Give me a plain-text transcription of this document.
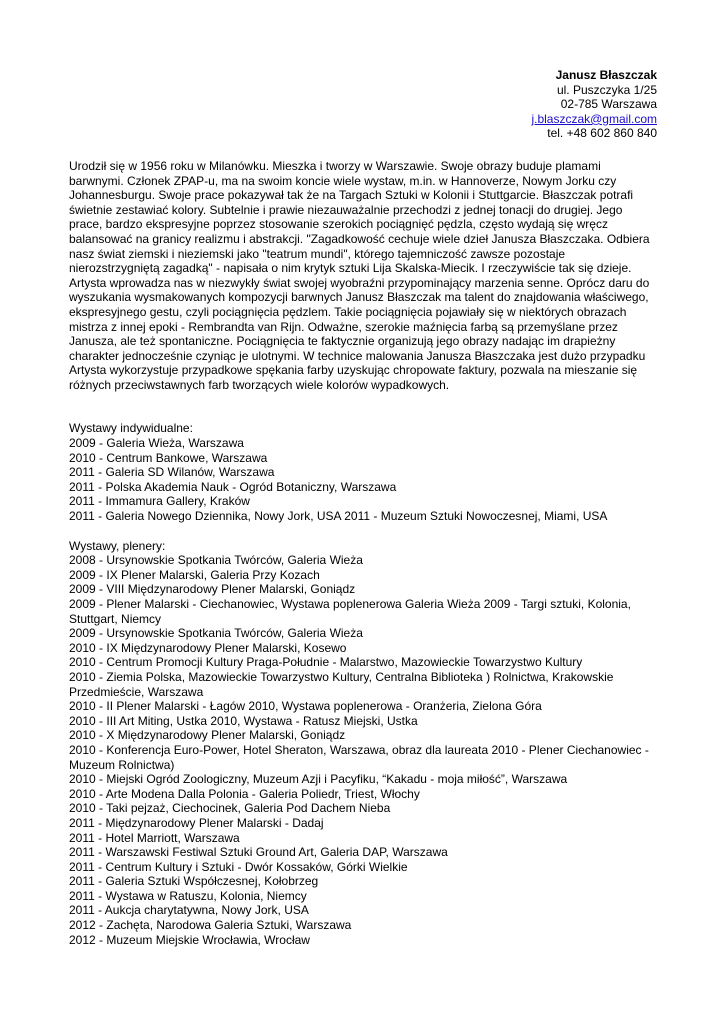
Janusz Błaszczak
ul. Puszczyka 1/25
02-785 Warszawa
j.blaszczak@gmail.com
tel. +48 602 860 840

Urodził się w 1956 roku w Milanówku. Mieszka i tworzy w Warszawie. Swoje obrazy buduje plamami barwnymi. Członek ZPAP-u, ma na swoim koncie wiele wystaw, m.in. w Hannoverze, Nowym Jorku czy Johannesburgu. Swoje prace pokazywał tak że na Targach Sztuki w Kolonii i Stuttgarcie. Błaszczak potrafi świetnie zestawiać kolory. Subtelnie i prawie niezauważalnie przechodzi z jednej tonacji do drugiej. Jego prace, bardzo ekspresyjne poprzez stosowanie szerokich pociągnięć pędzla, często wydają się wręcz balansować na granicy realizmu i abstrakcji. "Zagadkowość cechuje wiele dzieł Janusza Błaszczaka. Odbiera nasz świat ziemski i nieziemski jako "teatrum mundi", którego tajemniczość zawsze pozostaje nierozstrzygniętą zagadką" - napisała o nim krytyk sztuki Lija Skalska-Miecik. I rzeczywiście tak się dzieje. Artysta wprowadza nas w niezwykły świat swojej wyobraźni przypominający marzenia senne. Oprócz daru do wyszukania wysmakowanych kompozycji barwnych Janusz Błaszczak ma talent do znajdowania właściwego, ekspresyjnego gestu, czyli pociągnięcia pędzlem. Takie pociągnięcia pojawiały się w niektórych obrazach mistrza z innej epoki - Rembrandta van Rijn. Odważne, szerokie maźnięcia farbą są przemyślane przez Janusza, ale też spontaniczne. Pociągnięcia te faktycznie organizują jego obrazy nadając im drapieżny charakter jednocześnie czyniąc je ulotnymi. W technice malowania Janusza Błaszczaka jest dużo przypadku Artysta wykorzystuje przypadkowe spękania farby uzyskując chropowate faktury, pozwala na mieszanie się różnych przeciwstawnych farb tworzących wiele kolorów wypadkowych.

Wystawy indywidualne:
2009 - Galeria Wieża, Warszawa
2010 - Centrum Bankowe, Warszawa
2011 - Galeria SD Wilanów, Warszawa
2011 - Polska Akademia Nauk - Ogród Botaniczny, Warszawa
2011 - Immamura Gallery, Kraków
2011 - Galeria Nowego Dziennika, Nowy Jork, USA 2011 - Muzeum Sztuki Nowoczesnej, Miami, USA
Wystawy, plenery:
2008 - Ursynowskie Spotkania Twórców, Galeria Wieża
2009 - IX Plener Malarski, Galeria Przy Kozach
2009 - VIII Międzynarodowy Plener Malarski, Goniądz
2009 - Plener Malarski - Ciechanowiec, Wystawa poplenerowa Galeria Wieża 2009 - Targi sztuki, Kolonia, Stuttgart, Niemcy
2009 - Ursynowskie Spotkania Twórców, Galeria Wieża
2010 - IX Międzynarodowy Plener Malarski, Kosewo
2010 - Centrum Promocji Kultury Praga-Południe - Malarstwo, Mazowieckie Towarzystwo Kultury
2010 - Ziemia Polska, Mazowieckie Towarzystwo Kultury, Centralna Biblioteka ) Rolnictwa, Krakowskie Przedmieście, Warszawa
2010 - II Plener Malarski - Łagów 2010, Wystawa poplenerowa - Oranżeria, Zielona Góra
2010 - III Art Miting, Ustka 2010, Wystawa - Ratusz Miejski, Ustka
2010 - X Międzynarodowy Plener Malarski, Goniądz
2010 - Konferencja Euro-Power, Hotel Sheraton, Warszawa, obraz dla laureata 2010 - Plener Ciechanowiec - Muzeum Rolnictwa)
2010 - Miejski Ogród Zoologiczny, Muzeum Azji i Pacyfiku, “Kakadu - moja miłość”, Warszawa
2010 - Arte Modena Dalla Polonia - Galeria Poliedr, Triest, Włochy
2010 - Taki pejzaż, Ciechocinek, Galeria Pod Dachem Nieba
2011 - Międzynarodowy Plener Malarski - Dadaj
2011 - Hotel Marriott, Warszawa
2011 - Warszawski Festiwal Sztuki Ground Art, Galeria DAP, Warszawa
2011 - Centrum Kultury i Sztuki - Dwór Kossaków, Górki Wielkie
2011 - Galeria Sztuki Współczesnej, Kołobrzeg
2011 - Wystawa w Ratuszu, Kolonia, Niemcy
2011 - Aukcja charytatywna, Nowy Jork, USA
2012 - Zachęta, Narodowa Galeria Sztuki, Warszawa
2012 - Muzeum Miejskie Wrocławia, Wrocław
